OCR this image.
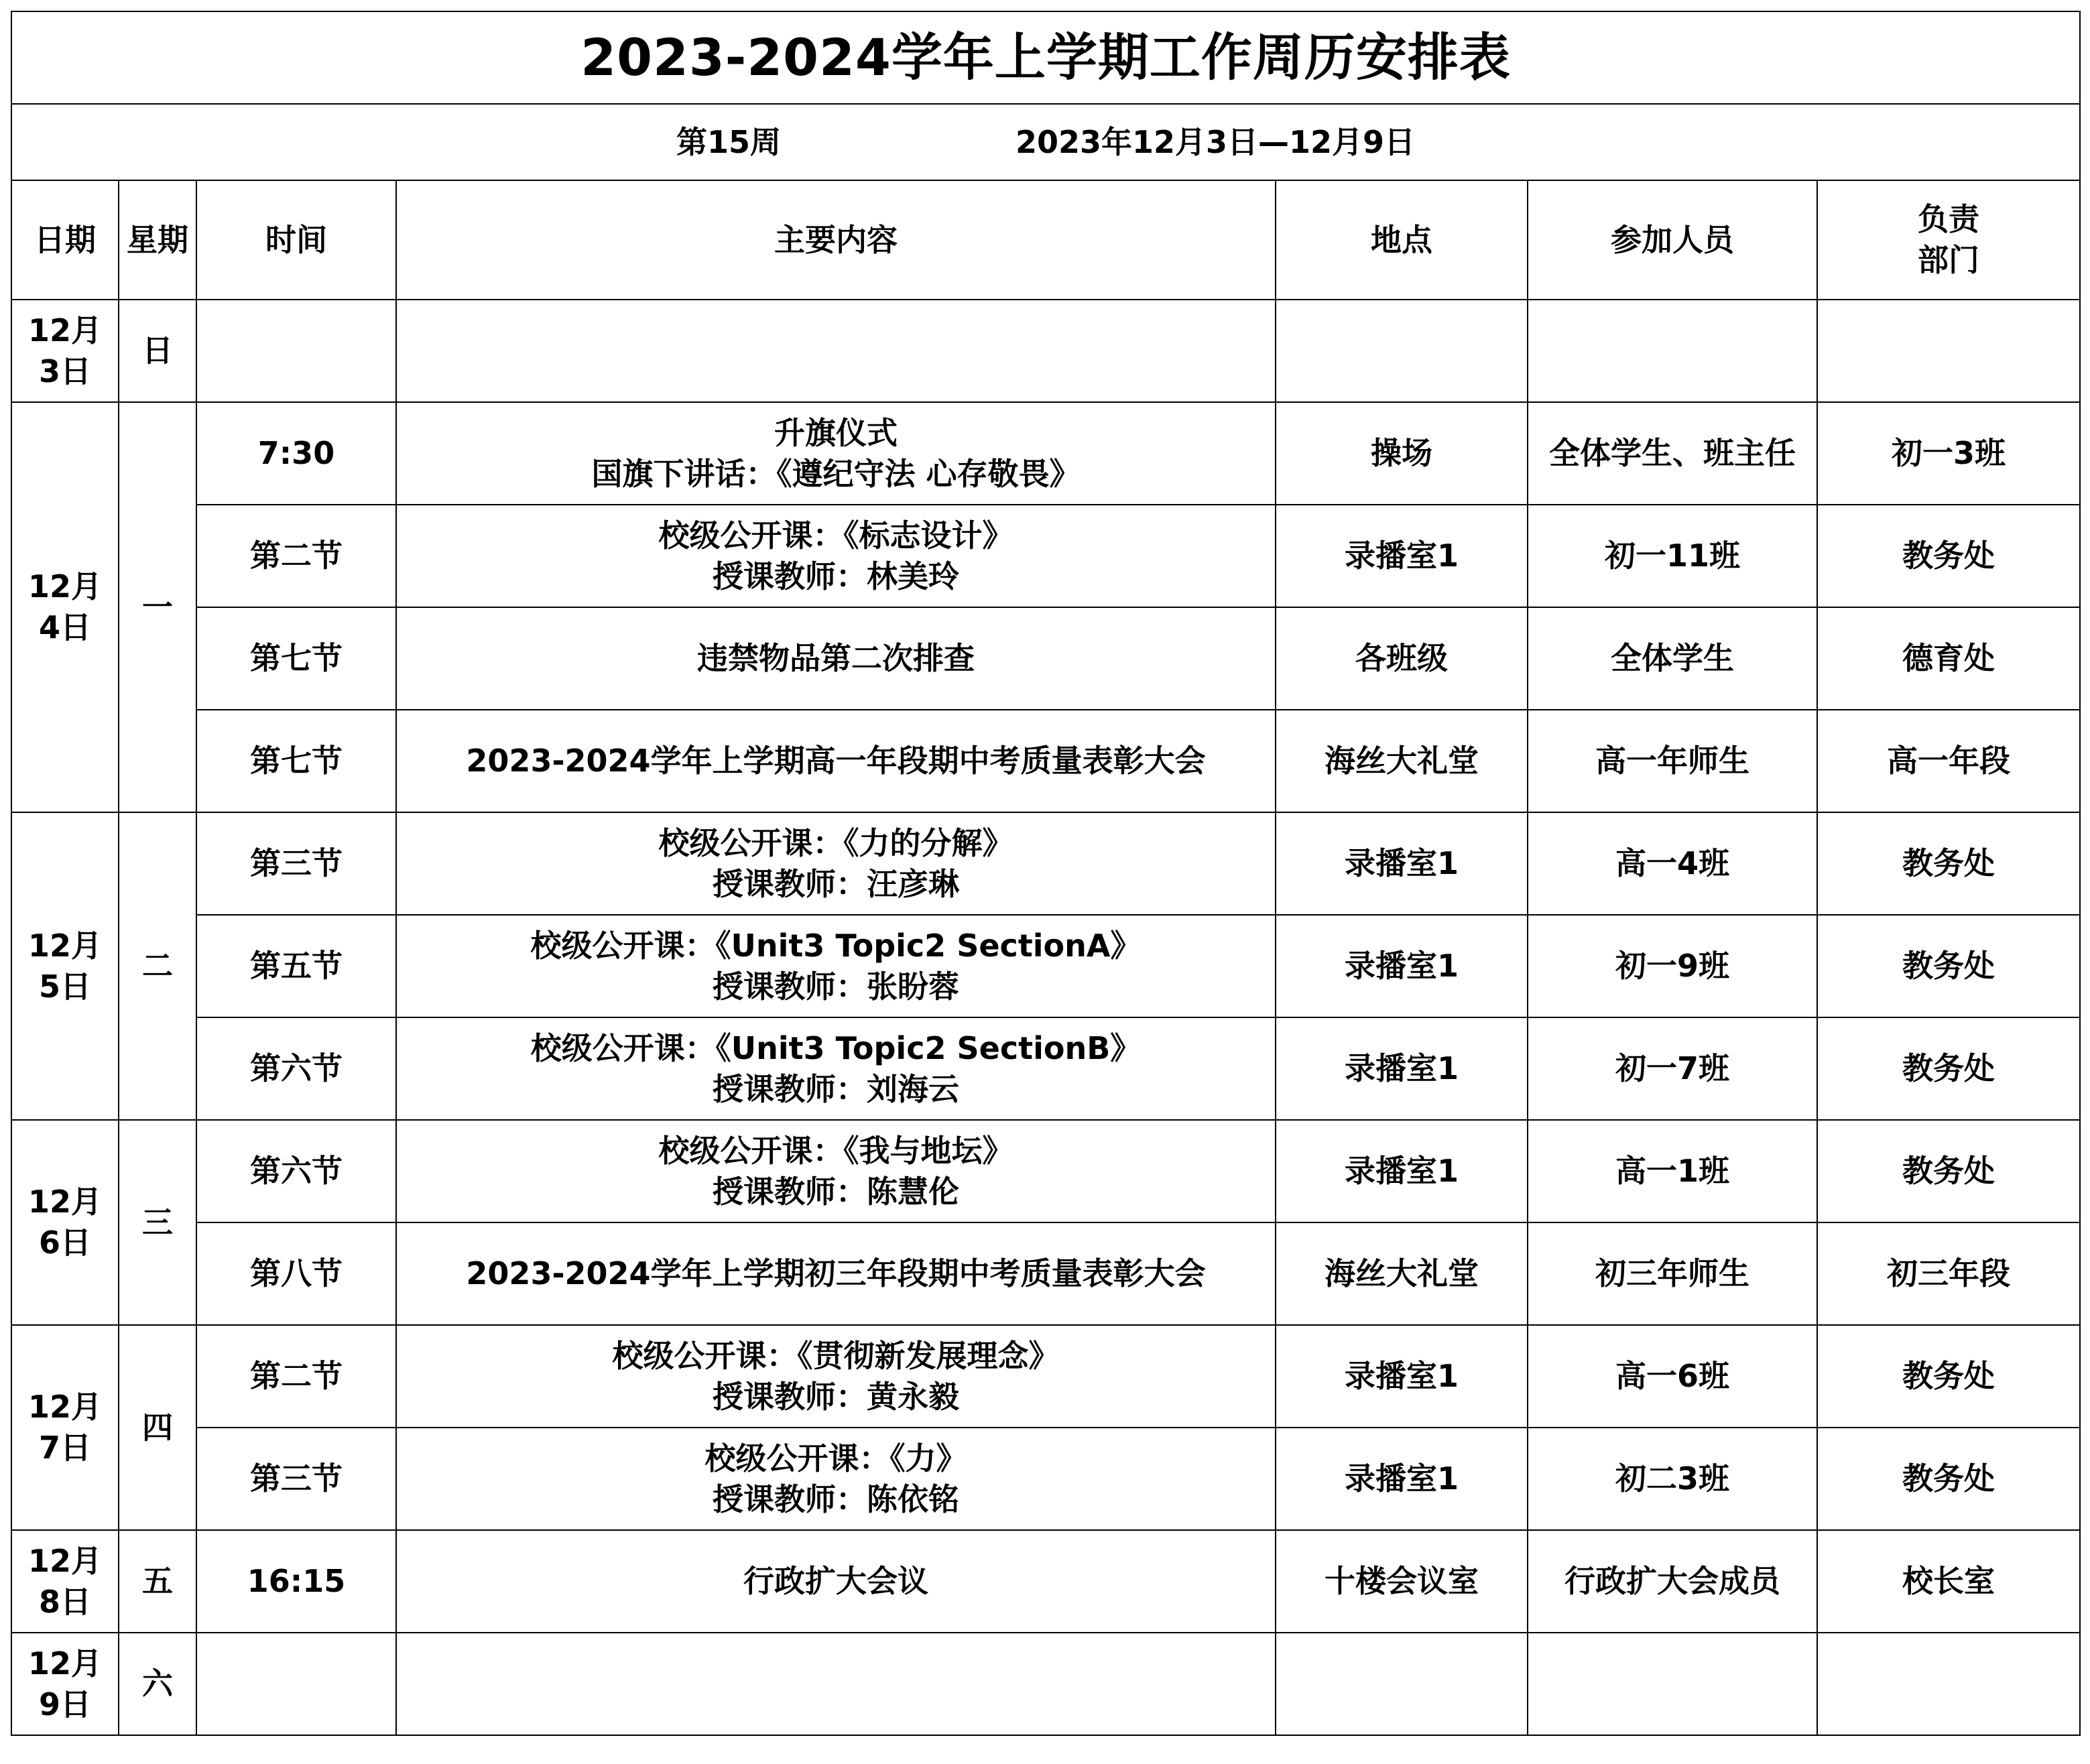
2023-2024学年上学期工作周历安排表						
第15周 2023年12月3日—12月9日						
日期	星期	时间	主要内容	地点	参加人员	负责
部门

12月
3日	日					

12月
4日	一	7:30	升旗仪式
国旗下讲话：《遵纪守法 心存敬畏》	操场	全体学生、班主任	初一3班
		第二节	校级公开课：《标志设计》
授课教师：林美玲	录播室1	初一11班	教务处
		第七节	违禁物品第二次排查	各班级	全体学生	德育处
		第七节	2023-2024学年上学期高一年段期中考质量表彰大会	海丝大礼堂	高一年师生	高一年段

12月
5日	二	第三节	校级公开课：《力的分解》
授课教师：汪彦琳	录播室1	高一4班	教务处
		第五节	校级公开课：《Unit3 Topic2 SectionA》
授课教师：张盼蓉	录播室1	初一9班	教务处
		第六节	校级公开课：《Unit3 Topic2 SectionB》
授课教师：刘海云	录播室1	初一7班	教务处

12月
6日	三	第六节	校级公开课：《我与地坛》
授课教师：陈慧伦	录播室1	高一1班	教务处
		第八节	2023-2024学年上学期初三年段期中考质量表彰大会	海丝大礼堂	初三年师生	初三年段

12月
7日	四	第二节	校级公开课：《贯彻新发展理念》
授课教师：黄永毅	录播室1	高一6班	教务处
		第三节	校级公开课：《力》
授课教师：陈依铭	录播室1	初二3班	教务处

12月
8日	五	16:15	行政扩大会议	十楼会议室	行政扩大会成员	校长室

12月
9日	六					
